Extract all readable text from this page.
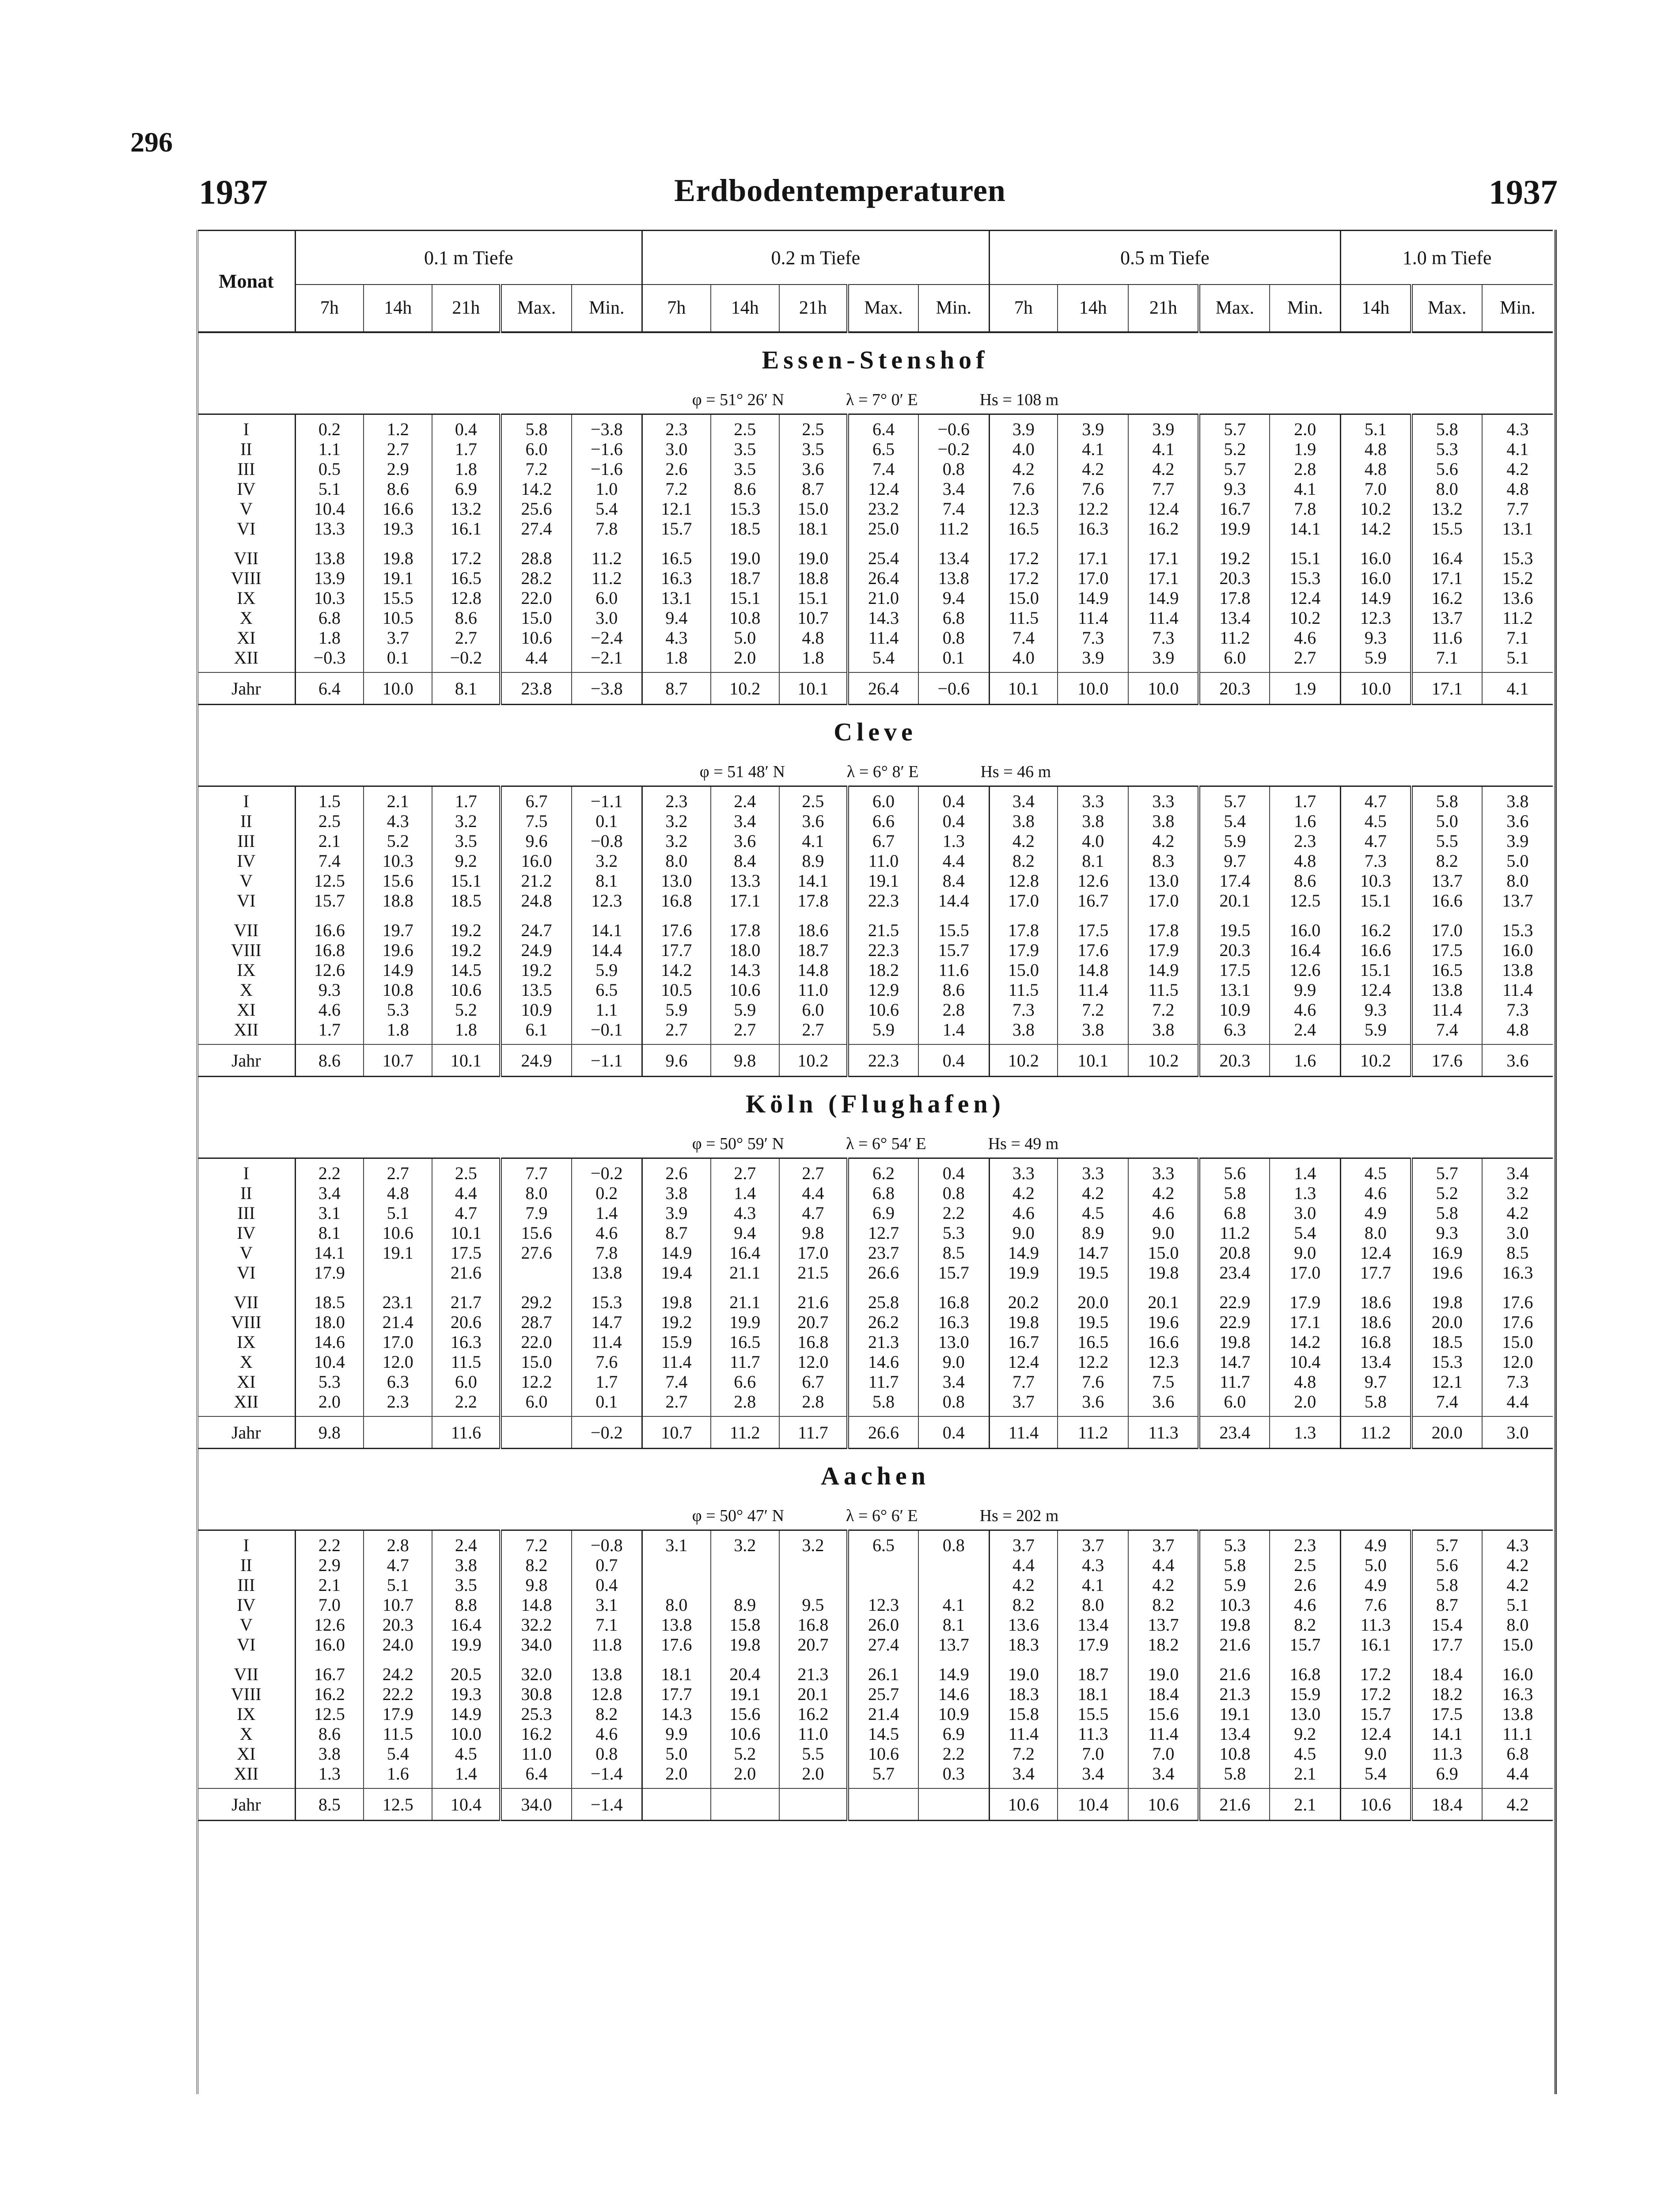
296
1937	Erdbodentemperaturen	1937
Monat	0.1 m Tiefe					0.2 m Tiefe					0.5 m Tiefe					1.0 m Tiefe		
	7h	14h	21h	Max.	Min.	7h	14h	21h	Max.	Min.	7h	14h	21h	Max.	Min.	14h	Max.	Min.
Essen-Stenshof																		
φ = 51° 26′ N λ = 7° 0′ E Hs = 108 m																		

I	0.2	1.2	0.4	5.8	−3.8	2.3	2.5	2.5	6.4	−0.6	3.9	3.9	3.9	5.7	2.0	5.1	5.8	4.3
II	1.1	2.7	1.7	6.0	−1.6	3.0	3.5	3.5	6.5	−0.2	4.0	4.1	4.1	5.2	1.9	4.8	5.3	4.1
III	0.5	2.9	1.8	7.2	−1.6	2.6	3.5	3.6	7.4	0.8	4.2	4.2	4.2	5.7	2.8	4.8	5.6	4.2
IV	5.1	8.6	6.9	14.2	1.0	7.2	8.6	8.7	12.4	3.4	7.6	7.6	7.7	9.3	4.1	7.0	8.0	4.8
V	10.4	16.6	13.2	25.6	5.4	12.1	15.3	15.0	23.2	7.4	12.3	12.2	12.4	16.7	7.8	10.2	13.2	7.7
VI	13.3	19.3	16.1	27.4	7.8	15.7	18.5	18.1	25.0	11.2	16.5	16.3	16.2	19.9	14.1	14.2	15.5	13.1

VII	13.8	19.8	17.2	28.8	11.2	16.5	19.0	19.0	25.4	13.4	17.2	17.1	17.1	19.2	15.1	16.0	16.4	15.3
VIII	13.9	19.1	16.5	28.2	11.2	16.3	18.7	18.8	26.4	13.8	17.2	17.0	17.1	20.3	15.3	16.0	17.1	15.2
IX	10.3	15.5	12.8	22.0	6.0	13.1	15.1	15.1	21.0	9.4	15.0	14.9	14.9	17.8	12.4	14.9	16.2	13.6
X	6.8	10.5	8.6	15.0	3.0	9.4	10.8	10.7	14.3	6.8	11.5	11.4	11.4	13.4	10.2	12.3	13.7	11.2
XI	1.8	3.7	2.7	10.6	−2.4	4.3	5.0	4.8	11.4	0.8	7.4	7.3	7.3	11.2	4.6	9.3	11.6	7.1
XII	−0.3	0.1	−0.2	4.4	−2.1	1.8	2.0	1.8	5.4	0.1	4.0	3.9	3.9	6.0	2.7	5.9	7.1	5.1

Jahr	6.4	10.0	8.1	23.8	−3.8	8.7	10.2	10.1	26.4	−0.6	10.1	10.0	10.0	20.3	1.9	10.0	17.1	4.1
Cleve																		
φ = 51 48′ N λ = 6° 8′ E Hs = 46 m																		

I	1.5	2.1	1.7	6.7	−1.1	2.3	2.4	2.5	6.0	0.4	3.4	3.3	3.3	5.7	1.7	4.7	5.8	3.8
II	2.5	4.3	3.2	7.5	0.1	3.2	3.4	3.6	6.6	0.4	3.8	3.8	3.8	5.4	1.6	4.5	5.0	3.6
III	2.1	5.2	3.5	9.6	−0.8	3.2	3.6	4.1	6.7	1.3	4.2	4.0	4.2	5.9	2.3	4.7	5.5	3.9
IV	7.4	10.3	9.2	16.0	3.2	8.0	8.4	8.9	11.0	4.4	8.2	8.1	8.3	9.7	4.8	7.3	8.2	5.0
V	12.5	15.6	15.1	21.2	8.1	13.0	13.3	14.1	19.1	8.4	12.8	12.6	13.0	17.4	8.6	10.3	13.7	8.0
VI	15.7	18.8	18.5	24.8	12.3	16.8	17.1	17.8	22.3	14.4	17.0	16.7	17.0	20.1	12.5	15.1	16.6	13.7

VII	16.6	19.7	19.2	24.7	14.1	17.6	17.8	18.6	21.5	15.5	17.8	17.5	17.8	19.5	16.0	16.2	17.0	15.3
VIII	16.8	19.6	19.2	24.9	14.4	17.7	18.0	18.7	22.3	15.7	17.9	17.6	17.9	20.3	16.4	16.6	17.5	16.0
IX	12.6	14.9	14.5	19.2	5.9	14.2	14.3	14.8	18.2	11.6	15.0	14.8	14.9	17.5	12.6	15.1	16.5	13.8
X	9.3	10.8	10.6	13.5	6.5	10.5	10.6	11.0	12.9	8.6	11.5	11.4	11.5	13.1	9.9	12.4	13.8	11.4
XI	4.6	5.3	5.2	10.9	1.1	5.9	5.9	6.0	10.6	2.8	7.3	7.2	7.2	10.9	4.6	9.3	11.4	7.3
XII	1.7	1.8	1.8	6.1	−0.1	2.7	2.7	2.7	5.9	1.4	3.8	3.8	3.8	6.3	2.4	5.9	7.4	4.8

Jahr	8.6	10.7	10.1	24.9	−1.1	9.6	9.8	10.2	22.3	0.4	10.2	10.1	10.2	20.3	1.6	10.2	17.6	3.6
Köln (Flughafen)																		
φ = 50° 59′ N λ = 6° 54′ E Hs = 49 m																		

I	2.2	2.7	2.5	7.7	−0.2	2.6	2.7	2.7	6.2	0.4	3.3	3.3	3.3	5.6	1.4	4.5	5.7	3.4
II	3.4	4.8	4.4	8.0	0.2	3.8	1.4	4.4	6.8	0.8	4.2	4.2	4.2	5.8	1.3	4.6	5.2	3.2
III	3.1	5.1	4.7	7.9	1.4	3.9	4.3	4.7	6.9	2.2	4.6	4.5	4.6	6.8	3.0	4.9	5.8	4.2
IV	8.1	10.6	10.1	15.6	4.6	8.7	9.4	9.8	12.7	5.3	9.0	8.9	9.0	11.2	5.4	8.0	9.3	3.0
V	14.1	19.1	17.5	27.6	7.8	14.9	16.4	17.0	23.7	8.5	14.9	14.7	15.0	20.8	9.0	12.4	16.9	8.5
VI	17.9		21.6		13.8	19.4	21.1	21.5	26.6	15.7	19.9	19.5	19.8	23.4	17.0	17.7	19.6	16.3

VII	18.5	23.1	21.7	29.2	15.3	19.8	21.1	21.6	25.8	16.8	20.2	20.0	20.1	22.9	17.9	18.6	19.8	17.6
VIII	18.0	21.4	20.6	28.7	14.7	19.2	19.9	20.7	26.2	16.3	19.8	19.5	19.6	22.9	17.1	18.6	20.0	17.6
IX	14.6	17.0	16.3	22.0	11.4	15.9	16.5	16.8	21.3	13.0	16.7	16.5	16.6	19.8	14.2	16.8	18.5	15.0
X	10.4	12.0	11.5	15.0	7.6	11.4	11.7	12.0	14.6	9.0	12.4	12.2	12.3	14.7	10.4	13.4	15.3	12.0
XI	5.3	6.3	6.0	12.2	1.7	7.4	6.6	6.7	11.7	3.4	7.7	7.6	7.5	11.7	4.8	9.7	12.1	7.3
XII	2.0	2.3	2.2	6.0	0.1	2.7	2.8	2.8	5.8	0.8	3.7	3.6	3.6	6.0	2.0	5.8	7.4	4.4

Jahr	9.8		11.6		−0.2	10.7	11.2	11.7	26.6	0.4	11.4	11.2	11.3	23.4	1.3	11.2	20.0	3.0
Aachen																		
φ = 50° 47′ N λ = 6° 6′ E Hs = 202 m																		

I	2.2	2.8	2.4	7.2	−0.8	3.1	3.2	3.2	6.5	0.8	3.7	3.7	3.7	5.3	2.3	4.9	5.7	4.3
II	2.9	4.7	3.8	8.2	0.7						4.4	4.3	4.4	5.8	2.5	5.0	5.6	4.2
III	2.1	5.1	3.5	9.8	0.4						4.2	4.1	4.2	5.9	2.6	4.9	5.8	4.2
IV	7.0	10.7	8.8	14.8	3.1	8.0	8.9	9.5	12.3	4.1	8.2	8.0	8.2	10.3	4.6	7.6	8.7	5.1
V	12.6	20.3	16.4	32.2	7.1	13.8	15.8	16.8	26.0	8.1	13.6	13.4	13.7	19.8	8.2	11.3	15.4	8.0
VI	16.0	24.0	19.9	34.0	11.8	17.6	19.8	20.7	27.4	13.7	18.3	17.9	18.2	21.6	15.7	16.1	17.7	15.0

VII	16.7	24.2	20.5	32.0	13.8	18.1	20.4	21.3	26.1	14.9	19.0	18.7	19.0	21.6	16.8	17.2	18.4	16.0
VIII	16.2	22.2	19.3	30.8	12.8	17.7	19.1	20.1	25.7	14.6	18.3	18.1	18.4	21.3	15.9	17.2	18.2	16.3
IX	12.5	17.9	14.9	25.3	8.2	14.3	15.6	16.2	21.4	10.9	15.8	15.5	15.6	19.1	13.0	15.7	17.5	13.8
X	8.6	11.5	10.0	16.2	4.6	9.9	10.6	11.0	14.5	6.9	11.4	11.3	11.4	13.4	9.2	12.4	14.1	11.1
XI	3.8	5.4	4.5	11.0	0.8	5.0	5.2	5.5	10.6	2.2	7.2	7.0	7.0	10.8	4.5	9.0	11.3	6.8
XII	1.3	1.6	1.4	6.4	−1.4	2.0	2.0	2.0	5.7	0.3	3.4	3.4	3.4	5.8	2.1	5.4	6.9	4.4

Jahr	8.5	12.5	10.4	34.0	−1.4						10.6	10.4	10.6	21.6	2.1	10.6	18.4	4.2
